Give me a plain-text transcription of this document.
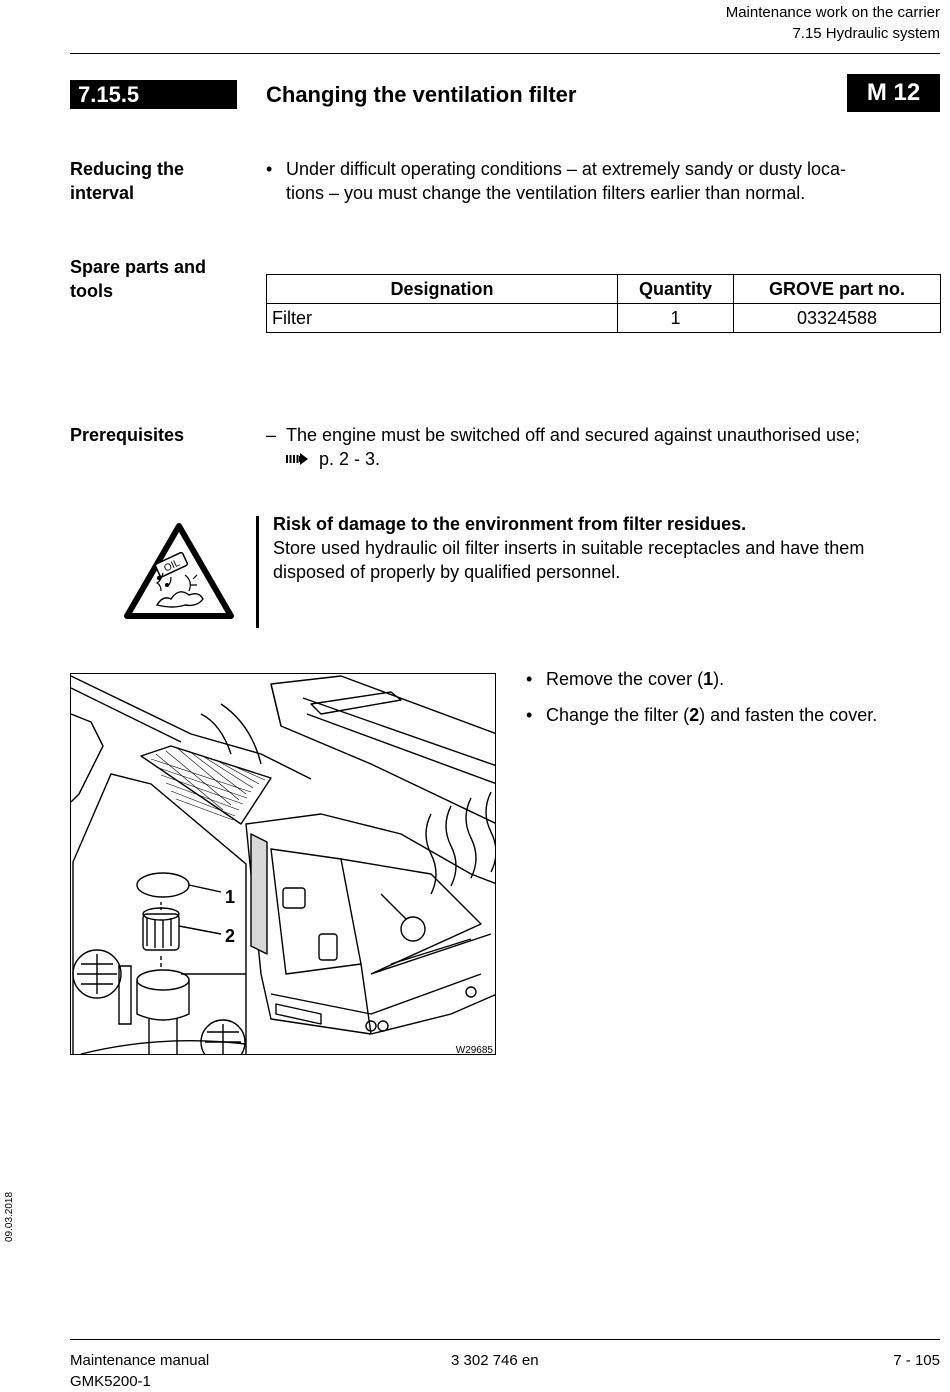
Maintenance work on the carrier
7.15 Hydraulic system
7.15.5	Changing the ventilation filter	M 12
Reducing the
interval
• Under difficult operating conditions – at extremely sandy or dusty loca-
tions – you must change the ventilation filters earlier than normal.
Spare parts and
tools	Designation	Quantity	GROVE part no.
Filter	1	03324588
Prerequisites	– The engine must be switched off and secured against unauthorised use;
p. 2 - 3.
OIL
Risk of damage to the environment from filter residues.
Store used hydraulic oil filter inserts in suitable receptacles and have them
disposed of properly by qualified personnel.
1
2
W29685
• Remove the cover (1).
• Change the filter (2) and fasten the cover.
09.03.2018
Maintenance manual
GMK5200-1
3 302 746 en	7 - 105
